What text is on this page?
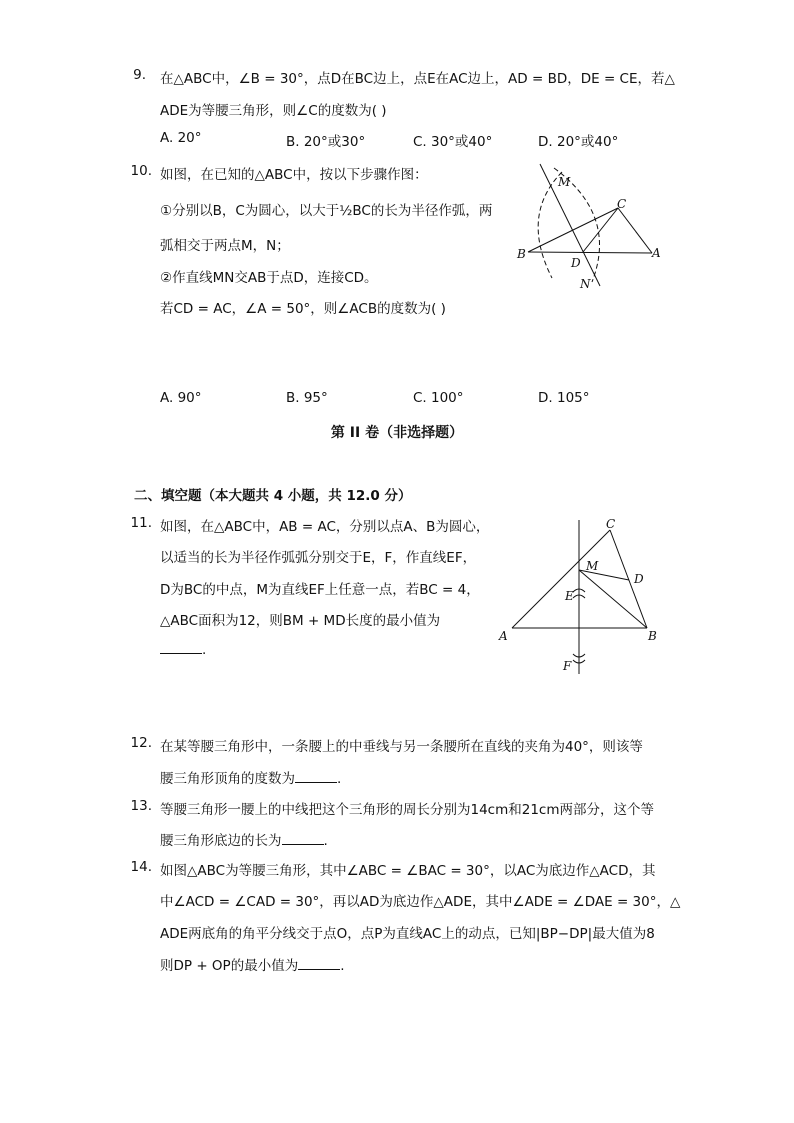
9. 在△ABC中，∠B = 30°，点D在BC边上，点E在AC边上，AD = BD，DE = CE，若△
ADE为等腰三角形，则∠C的度数为( )
A. 20°	B. 20°或30°	C. 30°或40°	D. 20°或40°
10. 如图，在已知的△ABC中，按以下步骤作图：
①分别以B，C为圆心，以大于½BC的长为半径作弧，两
弧相交于两点M，N；
②作直线MN交AB于点D，连接CD。
若CD = AC，∠A = 50°，则∠ACB的度数为( )
M
C
B
D
A
N
A. 90°	B. 95°	C. 100°	D. 105°
第 II 卷（非选择题）
二、填空题（本大题共 4 小题，共 12.0 分）
11. 如图，在△ABC中，AB = AC，分别以点A、B为圆心，
以适当的长为半径作弧弧分别交于E，F，作直线EF，
D为BC的中点，M为直线EF上任意一点，若BC = 4，
△ABC面积为12，则BM + MD长度的最小值为
.
C
M
D
E
A	B
F
12. 在某等腰三角形中，一条腰上的中垂线与另一条腰所在直线的夹角为40°，则该等
腰三角形顶角的度数为	.
13. 等腰三角形一腰上的中线把这个三角形的周长分别为14cm和21cm两部分，这个等
腰三角形底边的长为	.
14. 如图△ABC为等腰三角形，其中∠ABC = ∠BAC = 30°，以AC为底边作△ACD，其
中∠ACD = ∠CAD = 30°，再以AD为底边作△ADE，其中∠ADE = ∠DAE = 30°，△
ADE两底角的角平分线交于点O，点P为直线AC上的动点，已知|BP−DP|最大值为8
则DP + OP的最小值为	.
